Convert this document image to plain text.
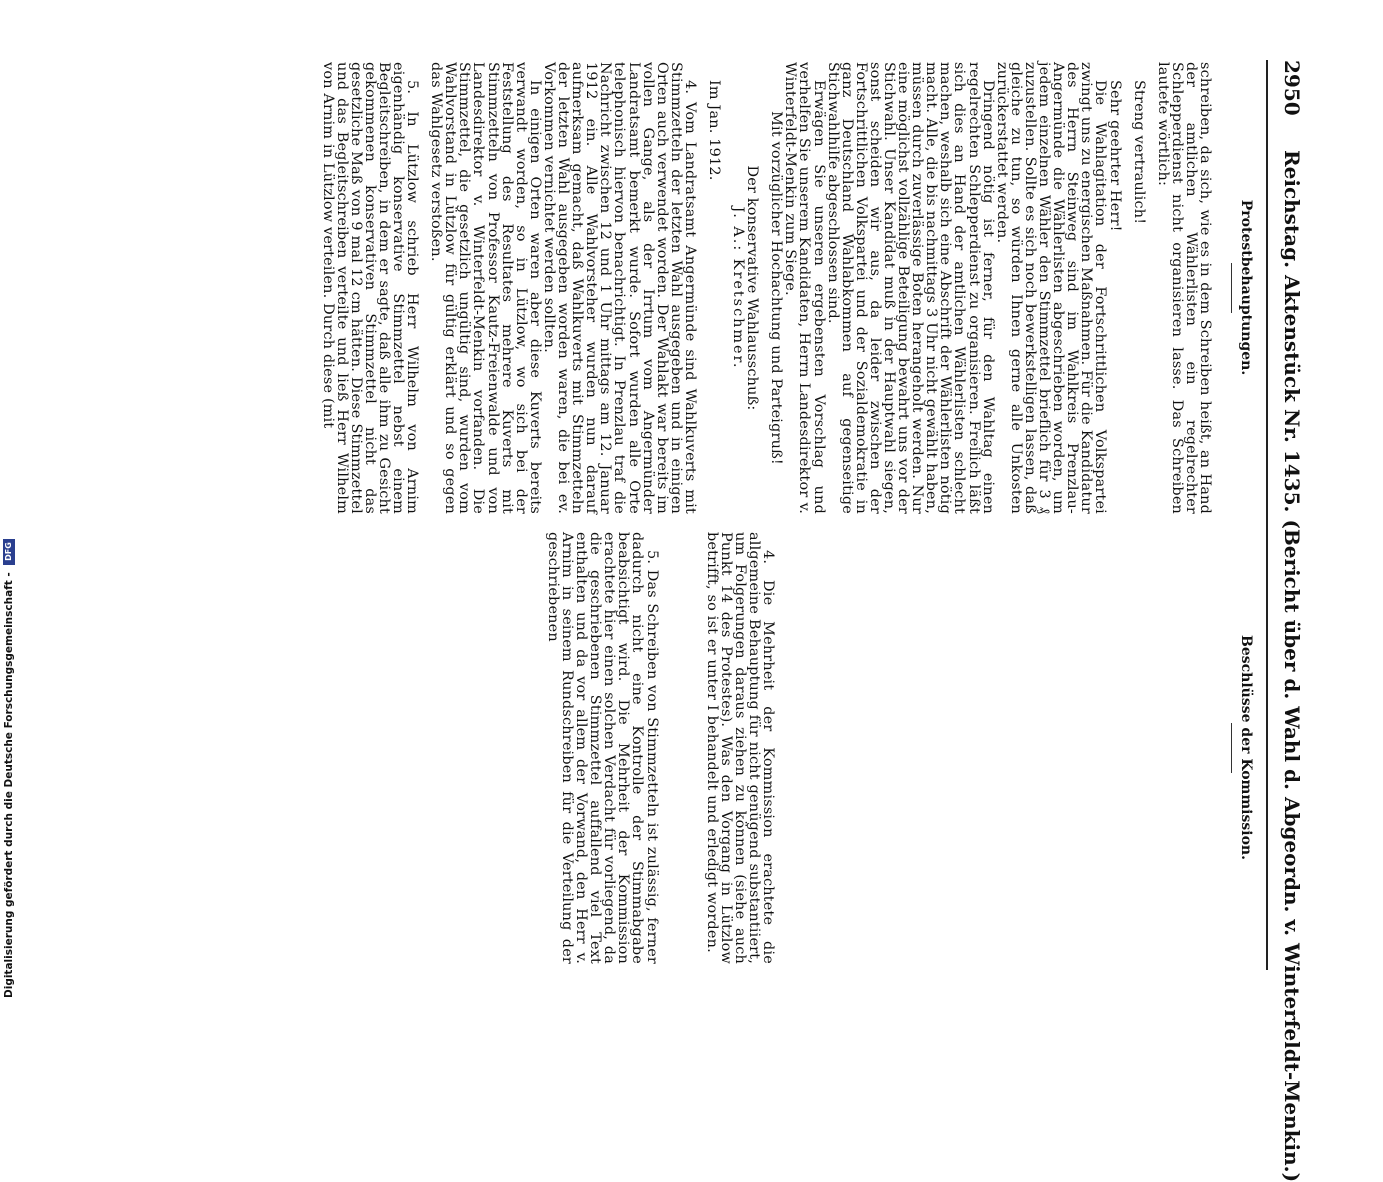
2950
Reichstag. Aktenstück Nr. 1435. (Bericht über d. Wahl d. Abgeordn. v. Winterfeldt-Menkin.)
Protestbehauptungen.
Beschlüsse der Kommission.

schreiben, da sich, wie es in dem Schreiben heißt, an Hand der amtlichen Wählerlisten ein regelrechter Schlepperdienst nicht organisieren lasse. Das Schreiben lautete wörtlich:

Streng vertraulich!

Sehr geehrter Herr!

Die Wahlagitation der Fortschrittlichen Volkspartei zwingt uns zu energischen Maßnahmen. Für die Kandidatur des Herrn Steinweg sind im Wahlkreis Prenzlau-Angermünde die Wählerlisten abgeschrieben worden, um jedem einzelnen Wähler den Stimmzettel brieflich für 3 ₰ zuzustellen. Sollte es sich noch bewerkstelligen lassen, daß gleiche zu tun, so würden Ihnen gerne alle Unkosten zurückerstattet werden.

Dringend nötig ist ferner, für den Wahltag einen regelrechten Schlepperdienst zu organisieren. Freilich läßt sich dies an Hand der amtlichen Wählerlisten schlecht machen, weshalb sich eine Abschrift der Wählerlisten nötig macht. Alle, die bis nachmittags 3 Uhr nicht gewählt haben, müssen durch zuverlässige Boten herangeholt werden. Nur eine möglichst vollzählige Beteiligung bewahrt uns vor der Stichwahl. Unser Kandidat muß in der Hauptwahl siegen, sonst scheiden wir aus, da leider zwischen der Fortschrittlichen Volkspartei und der Sozialdemokratie in ganz Deutschland Wahlabkommen auf gegenseitige Stichwahlhilfe abgeschlossen sind.

Erwägen Sie unseren ergebensten Vorschlag und verhelfen Sie unserem Kandidaten, Herrn Landesdirektor v. Winterfeldt-Menkin zum Siege.

Mit vorzüglicher Hochachtung und Parteigruß!

Der konservative Wahlausschuß:

J. A.: Kretschmer.

Im Jan. 1912.

4. Vom Landratsamt Angermünde sind Wahlkuverts mit Stimmzetteln der letzten Wahl ausgegeben und in einigen Orten auch verwendet worden. Der Wahlakt war bereits im vollen Gange, als der Irrtum vom Angermünder Landratsamt bemerkt wurde. Sofort wurden alle Orte telephonisch hiervon benachrichtigt. In Prenzlau traf die Nachricht zwischen 12 und 1 Uhr mittags am 12. Januar 1912 ein. Alle Wahlvorsteher wurden nun darauf aufmerksam gemacht, daß Wahlkuverts mit Stimmzetteln der letzten Wahl ausgegeben worden waren, die bei ev. Vorkommen vernichtet werden sollten.

In einigen Orten waren aber diese Kuverts bereits verwandt worden, so in Lützlow, wo sich bei der Feststellung des Resultates mehrere Kuverts mit Stimmzetteln von Professor Kautz-Freienwalde und von Landesdirektor v. Winterfeldt-Menkin vorfanden. Die Stimmzettel, die gesetzlich ungültig sind, wurden vom Wahlvorstand in Lützlow für gültig erklärt und so gegen das Wahlgesetz verstoßen.

5. In Lützlow schrieb Herr Wilhelm von Arnim eigenhändig konservative Stimmzettel nebst einem Begleitschreiben, in dem er sagte, daß alle ihm zu Gesicht gekommenen konservativen Stimmzettel nicht das gesetzliche Maß von 9 mal 12 cm hätten. Diese Stimmzettel und das Begleitschreiben verteilte und ließ Herr Wilhelm von Arnim in Lützlow verteilen. Durch diese (mit

4. Die Mehrheit der Kommission erachtete die allgemeine Behauptung für nicht genügend substantiiert, um Folgerungen daraus ziehen zu können (siehe auch Punkt 14 des Protestes). Was den Vorgang in Lützlow betrifft, so ist er unter I behandelt und erledigt worden.

5. Das Schreiben von Stimmzetteln ist zulässig, ferner dadurch nicht eine Kontrolle der Stimmabgabe beabsichtigt wird. Die Mehrheit der Kommission erachtete hier einen solchen Verdacht für vorliegend, da die geschriebenen Stimmzettel auffallend viel Text enthalten und da vor allem der Vorwand, den Herr v. Arnim in seinem Rundschreiben für die Verteilung der geschriebenen

Digitalisierung gefördert durch die Deutsche Forschungsgemeinschaft - DFG
